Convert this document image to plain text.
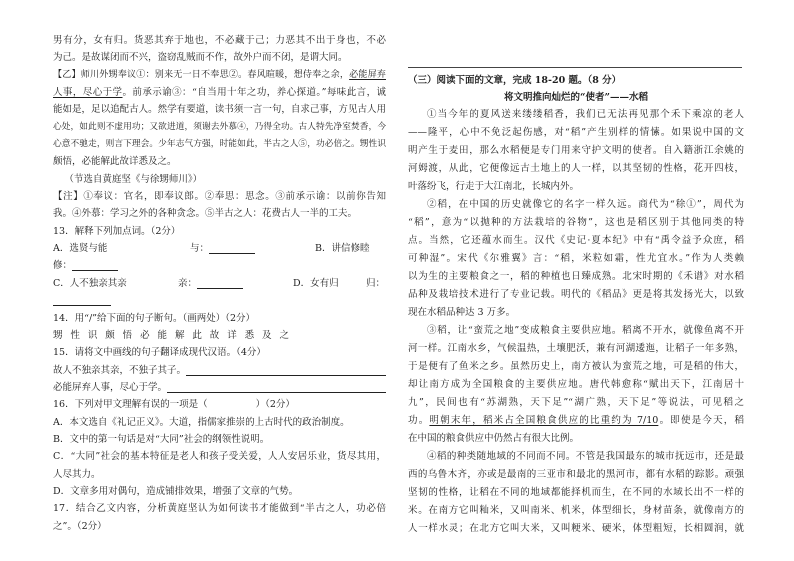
男有分，女有归。货恶其弃于地也，不必藏于己；力恶其不出于身也，不必
为己。是故谋闭而不兴，盗窃乱贼而不作，故外户而不闭，是谓大同。
【乙】师川外甥奉议①：别来无一日不奉思②。春风暄暖，想侍奉之余，必能屏弃
人事，尽心于学。前承示谕③：“自当用十年之功，养心探道。”每味此言，诚
能如是，足以追配古人。然学有要道，读书须一言一句，自求己事，方见古人用
心处，如此则不虚用功；又欲进道，须谢去外慕④，乃得全功。古人特先净室焚香，今
心意不驰走，则言下理会。少年志气方强，时能如此，半古之人⑤，功必倍之。甥性识
颇悟，必能解此故详悉及之。
（节选自黄庭坚《与徐甥师川》）
【注】①奉议：官名，即奉议郎。②奉思：思念。③前承示谕：以前你告知
我。④外慕：学习之外的各种贪念。⑤半古之人：花费古人一半的工夫。
13．解释下列加点词。（2分）
A．选贤与能	与：	B．讲信修睦
修：
C．人不独亲其亲	亲：	D．女有归	归：
14．用“/”给下面的句子断句。（画两处）（2分）
甥 性 识 颇 悟 必 能 解 此 故 详 悉 及 之
15．请将文中画线的句子翻译成现代汉语。（4分）
故人不独亲其亲，不独子其子。
必能屏弃人事，尽心于学。
16．下列对甲文理解有误的一项是（	）（2分）
A．本文选自《礼记正义》。大道，指儒家推崇的上古时代的政治制度。
B．文中的第一句话是对“大同”社会的纲领性说明。
C．“大同”社会的基本特征是老人和孩子受关爱，人人安居乐业，货尽其用，
人尽其力。
D．文章多用对偶句，造成铺排效果，增强了文章的气势。
17．结合乙文内容，分析黄庭坚认为如何读书才能做到“半古之人，功必倍
之”。（2分）
（三）阅读下面的文章，完成 18-20 题。（8 分）
将文明推向灿烂的“使者”——水稻
①当今年的夏风送来缕缕稻香，我们已无法再见那个禾下乘凉的老人
——隆平，心中不免泛起伤感，对“稻”产生别样的情愫。如果说中国的文
明产生于麦田，那么水稻便是专门用来守护文明的使者。自入籍浙江余姚的
河姆渡，从此，它便像远古土地上的人一样，以其坚韧的性格，花开四枝，
叶落纷飞，行走于大江南北，长城内外。
②稻，在中国的历史就像它的名字一样久远。商代为“稌①”，周代为
“稻”，意为“以抛种的方法栽培的谷物”，这也是稻区别于其他同类的特
点。当然，它还蕴水而生。汉代《史记·夏本纪》中有“禹令益予众庶，稻
可种湿”。宋代《尔雅翼》言：“稻，米粒如霜，性尤宜水。”作为人类赖
以为生的主要粮食之一，稻的种植也日臻成熟。北宋时期的《禾谱》对水稻
品种及栽培技术进行了专业记载。明代的《稻品》更是将其发扬光大，以致
现在水稻品种达 3 万多。
③稻，让“蛮荒之地”变成粮食主要供应地。稻离不开水，就像鱼离不开
河一样。江南水乡，气候温热，土壤肥沃，兼有河湖逶迤，让稻子一年多熟，
于是便有了鱼米之乡。虽然历史上，南方被认为蛮荒之地，可是稻的伟大，
却让南方成为全国粮食的主要供应地。唐代韩愈称“赋出天下，江南居十
九”，民间也有“苏湖熟，天下足”“湖广熟，天下足”等说法，可见稻之
功。明朝末年，稻米占全国粮食供应的比重约为 7/10。即使是今天，稻
在中国的粮食供应中仍然占有很大比例。
④稻的种类随地域的不同而不同。不管是我国最东的城市抚远市，还是最
西的乌鲁木齐，亦或是最南的三亚市和最北的黑河市，都有水稻的踪影。顽强
坚韧的性格，让稻在不同的地域都能择机而生，在不同的水域长出不一样的
米。在南方它叫籼米，又叫南米、机米，体型细长，身材苗条，就像南方的
人一样水灵；在北方它叫大米，又叫粳米、硬米，体型粗短，长相圆润，就
